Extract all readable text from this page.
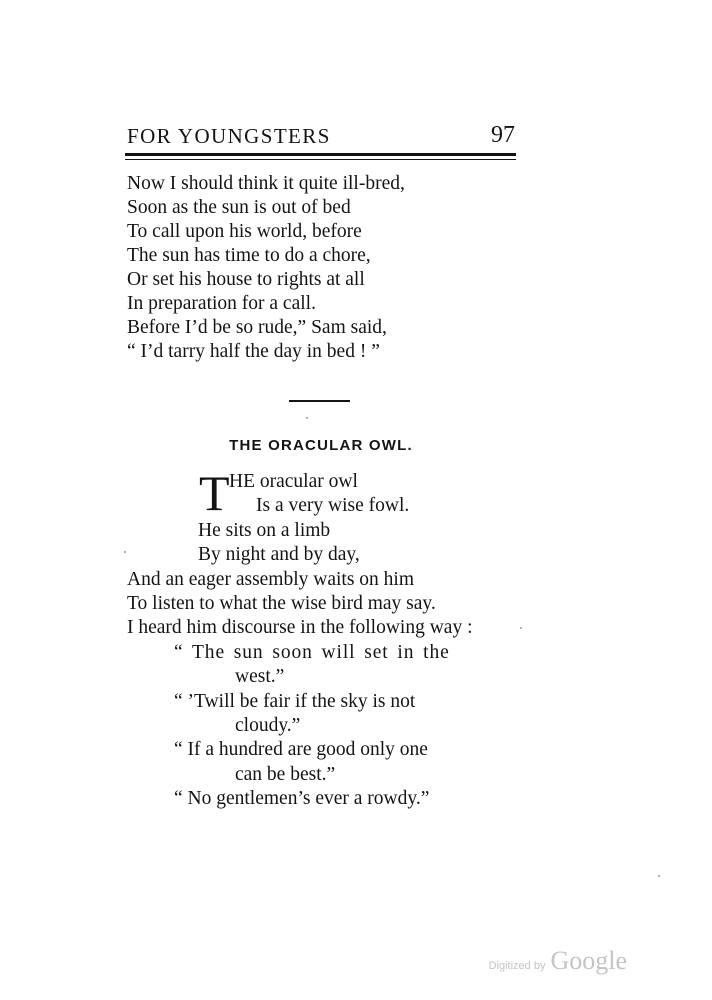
FOR YOUNGSTERS	97
Now I should think it quite ill-bred,
Soon as the sun is out of bed
To call upon his world, before
The sun has time to do a chore,
Or set his house to rights at all
In preparation for a call.
Before I’d be so rude,” Sam said,
“ I’d tarry half the day in bed ! ”
THE ORACULAR OWL.
T HE oracular owl
Is a very wise fowl.
He sits on a limb
By night and by day,
And an eager assembly waits on him
To listen to what the wise bird may say.
I heard him discourse in the following way :
“ The sun soon will set in the
west.”
“ ’Twill be fair if the sky is not
cloudy.”
“ If a hundred are good only one
can be best.”
“ No gentlemen’s ever a rowdy.”
Digitized by Google
